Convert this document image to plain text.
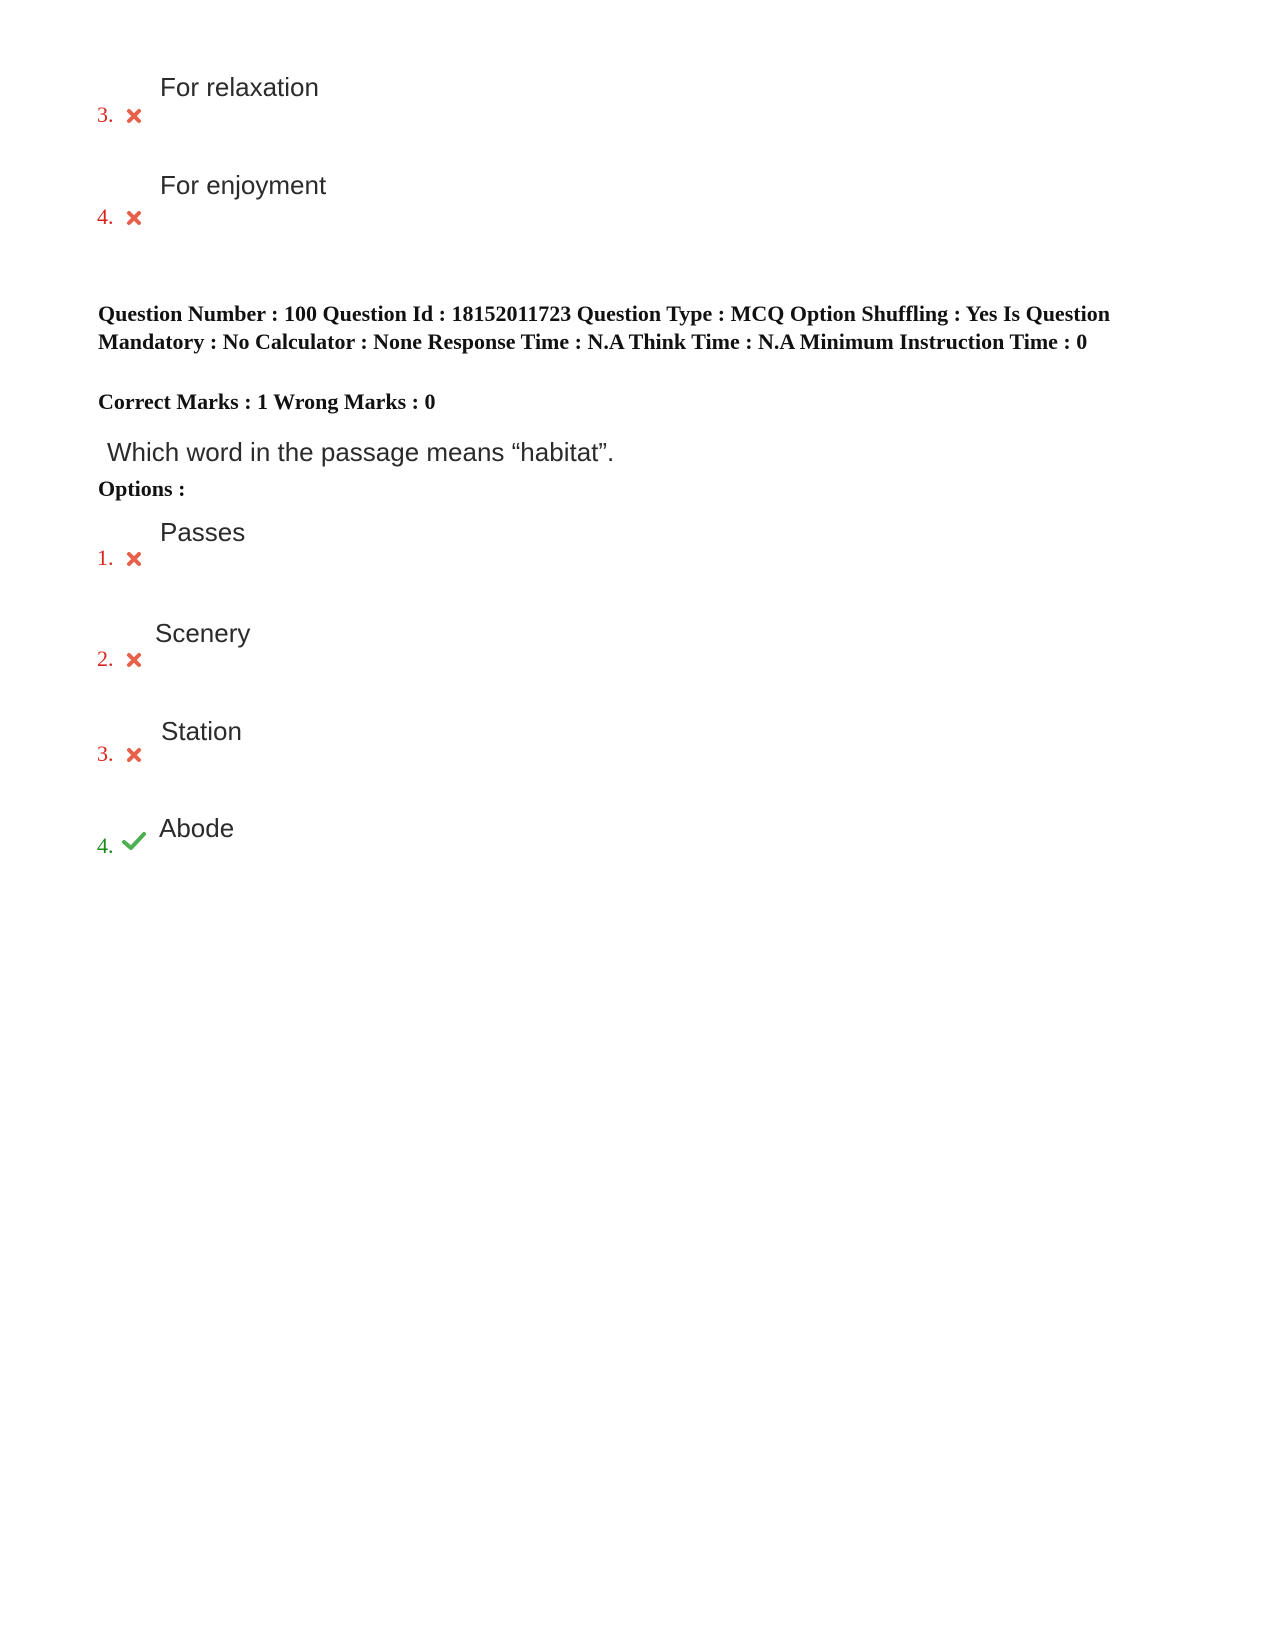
For relaxation
3.
For enjoyment
4.
Question Number : 100 Question Id : 18152011723 Question Type : MCQ Option Shuffling : Yes Is Question Mandatory : No Calculator : None Response Time : N.A Think Time : N.A Minimum Instruction Time : 0
Correct Marks : 1 Wrong Marks : 0
Which word in the passage means “habitat”.
Options :
Passes
1.
Scenery
2.
Station
3.
Abode
4.
